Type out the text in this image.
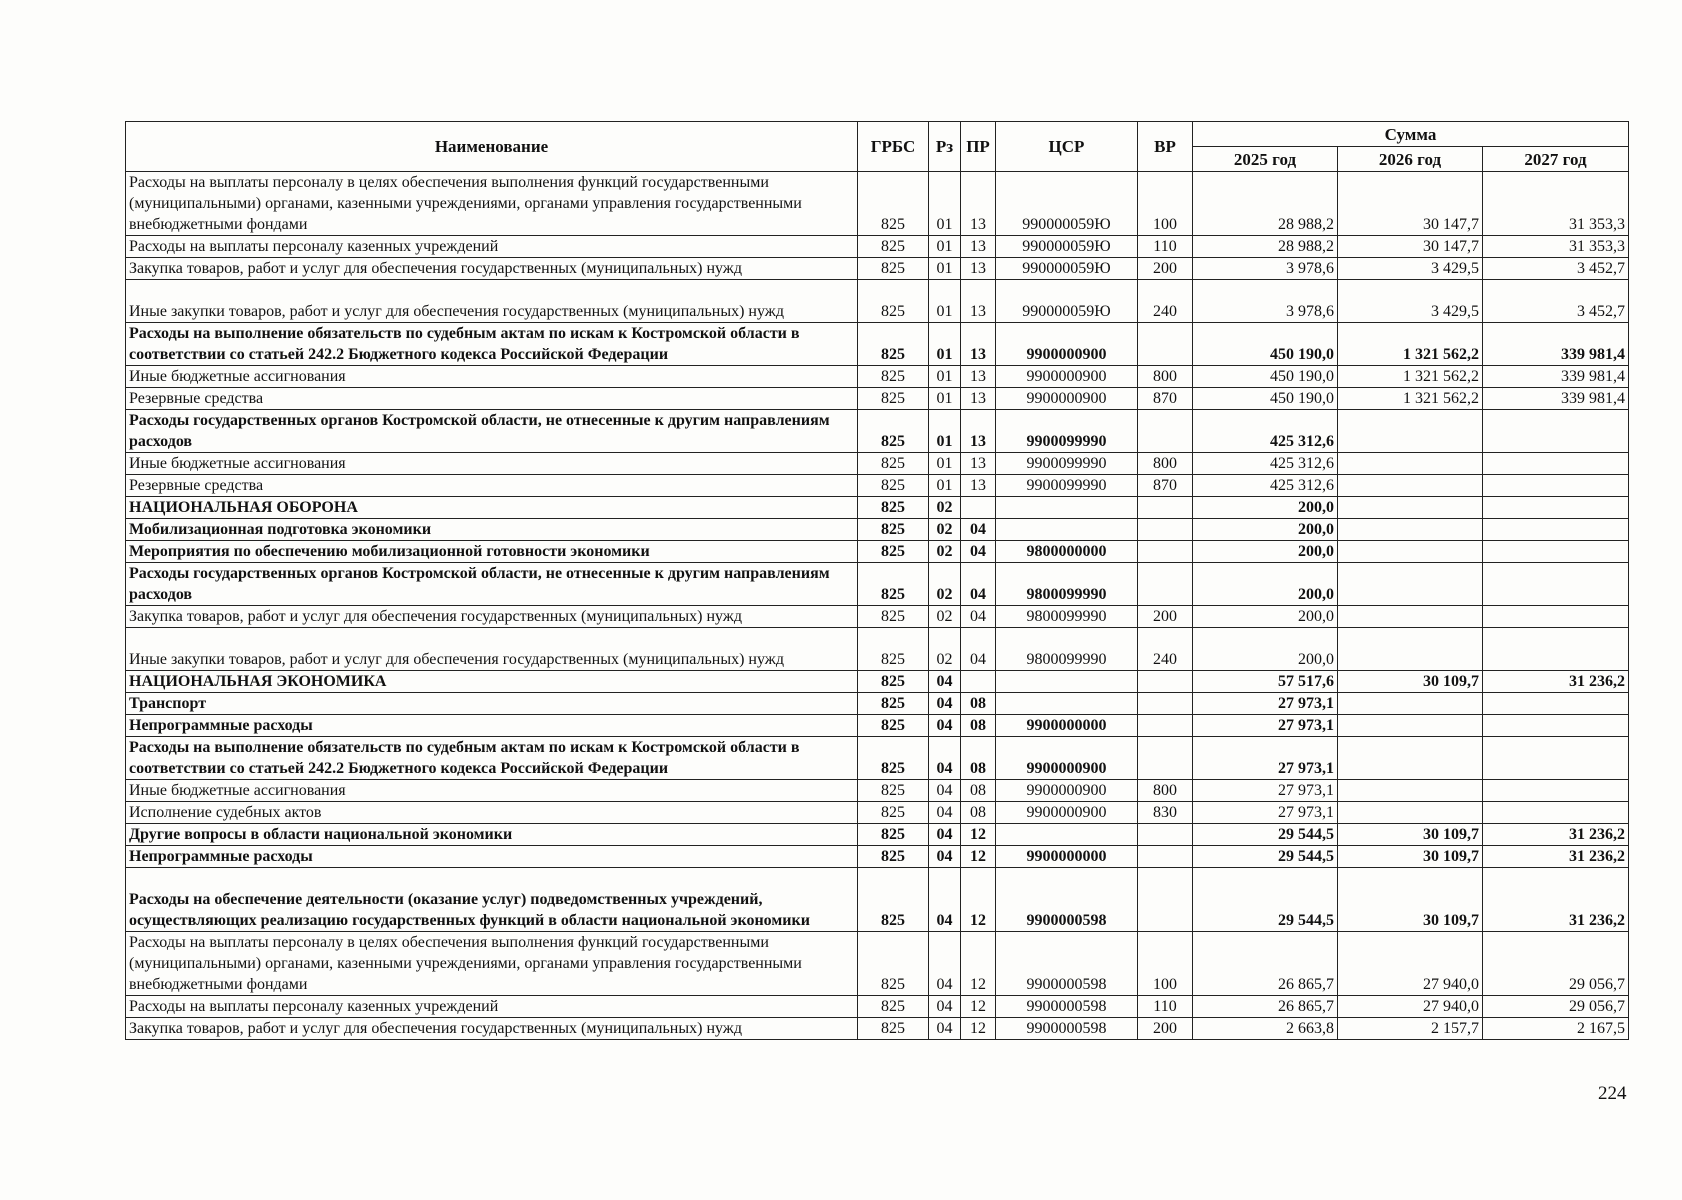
Наименование	ГРБС	Рз	ПР	ЦСР	ВР	Сумма		
						2025 год	2026 год	2027 год
Расходы на выплаты персоналу в целях обеспечения выполнения функций государственными (муниципальными) органами, казенными учреждениями, органами управления государственными внебюджетными фондами	825	01	13	990000059Ю	100	28 988,2	30 147,7	31 353,3
Расходы на выплаты персоналу казенных учреждений	825	01	13	990000059Ю	110	28 988,2	30 147,7	31 353,3
Закупка товаров, работ и услуг для обеспечения государственных (муниципальных) нужд	825	01	13	990000059Ю	200	3 978,6	3 429,5	3 452,7
Иные закупки товаров, работ и услуг для обеспечения государственных (муниципальных) нужд	825	01	13	990000059Ю	240	3 978,6	3 429,5	3 452,7
Расходы на выполнение обязательств по судебным актам по искам к Костромской области в соответствии со статьей 242.2 Бюджетного кодекса Российской Федерации	825	01	13	9900000900		450 190,0	1 321 562,2	339 981,4
Иные бюджетные ассигнования	825	01	13	9900000900	800	450 190,0	1 321 562,2	339 981,4
Резервные средства	825	01	13	9900000900	870	450 190,0	1 321 562,2	339 981,4
Расходы государственных органов Костромской области, не отнесенные к другим направлениям расходов	825	01	13	9900099990		425 312,6		
Иные бюджетные ассигнования	825	01	13	9900099990	800	425 312,6		
Резервные средства	825	01	13	9900099990	870	425 312,6		
НАЦИОНАЛЬНАЯ ОБОРОНА	825	02				200,0		
Мобилизационная подготовка экономики	825	02	04			200,0		
Мероприятия по обеспечению мобилизационной готовности экономики	825	02	04	9800000000		200,0		
Расходы государственных органов Костромской области, не отнесенные к другим направлениям расходов	825	02	04	9800099990		200,0		
Закупка товаров, работ и услуг для обеспечения государственных (муниципальных) нужд	825	02	04	9800099990	200	200,0		
Иные закупки товаров, работ и услуг для обеспечения государственных (муниципальных) нужд	825	02	04	9800099990	240	200,0		
НАЦИОНАЛЬНАЯ ЭКОНОМИКА	825	04				57 517,6	30 109,7	31 236,2
Транспорт	825	04	08			27 973,1		
Непрограммные расходы	825	04	08	9900000000		27 973,1		
Расходы на выполнение обязательств по судебным актам по искам к Костромской области в соответствии со статьей 242.2 Бюджетного кодекса Российской Федерации	825	04	08	9900000900		27 973,1		
Иные бюджетные ассигнования	825	04	08	9900000900	800	27 973,1		
Исполнение судебных актов	825	04	08	9900000900	830	27 973,1		
Другие вопросы в области национальной экономики	825	04	12			29 544,5	30 109,7	31 236,2
Непрограммные расходы	825	04	12	9900000000		29 544,5	30 109,7	31 236,2
Расходы на обеспечение деятельности (оказание услуг) подведомственных учреждений, осуществляющих реализацию государственных функций в области национальной экономики	825	04	12	9900000598		29 544,5	30 109,7	31 236,2
Расходы на выплаты персоналу в целях обеспечения выполнения функций государственными (муниципальными) органами, казенными учреждениями, органами управления государственными внебюджетными фондами	825	04	12	9900000598	100	26 865,7	27 940,0	29 056,7
Расходы на выплаты персоналу казенных учреждений	825	04	12	9900000598	110	26 865,7	27 940,0	29 056,7
Закупка товаров, работ и услуг для обеспечения государственных (муниципальных) нужд	825	04	12	9900000598	200	2 663,8	2 157,7	2 167,5
224
